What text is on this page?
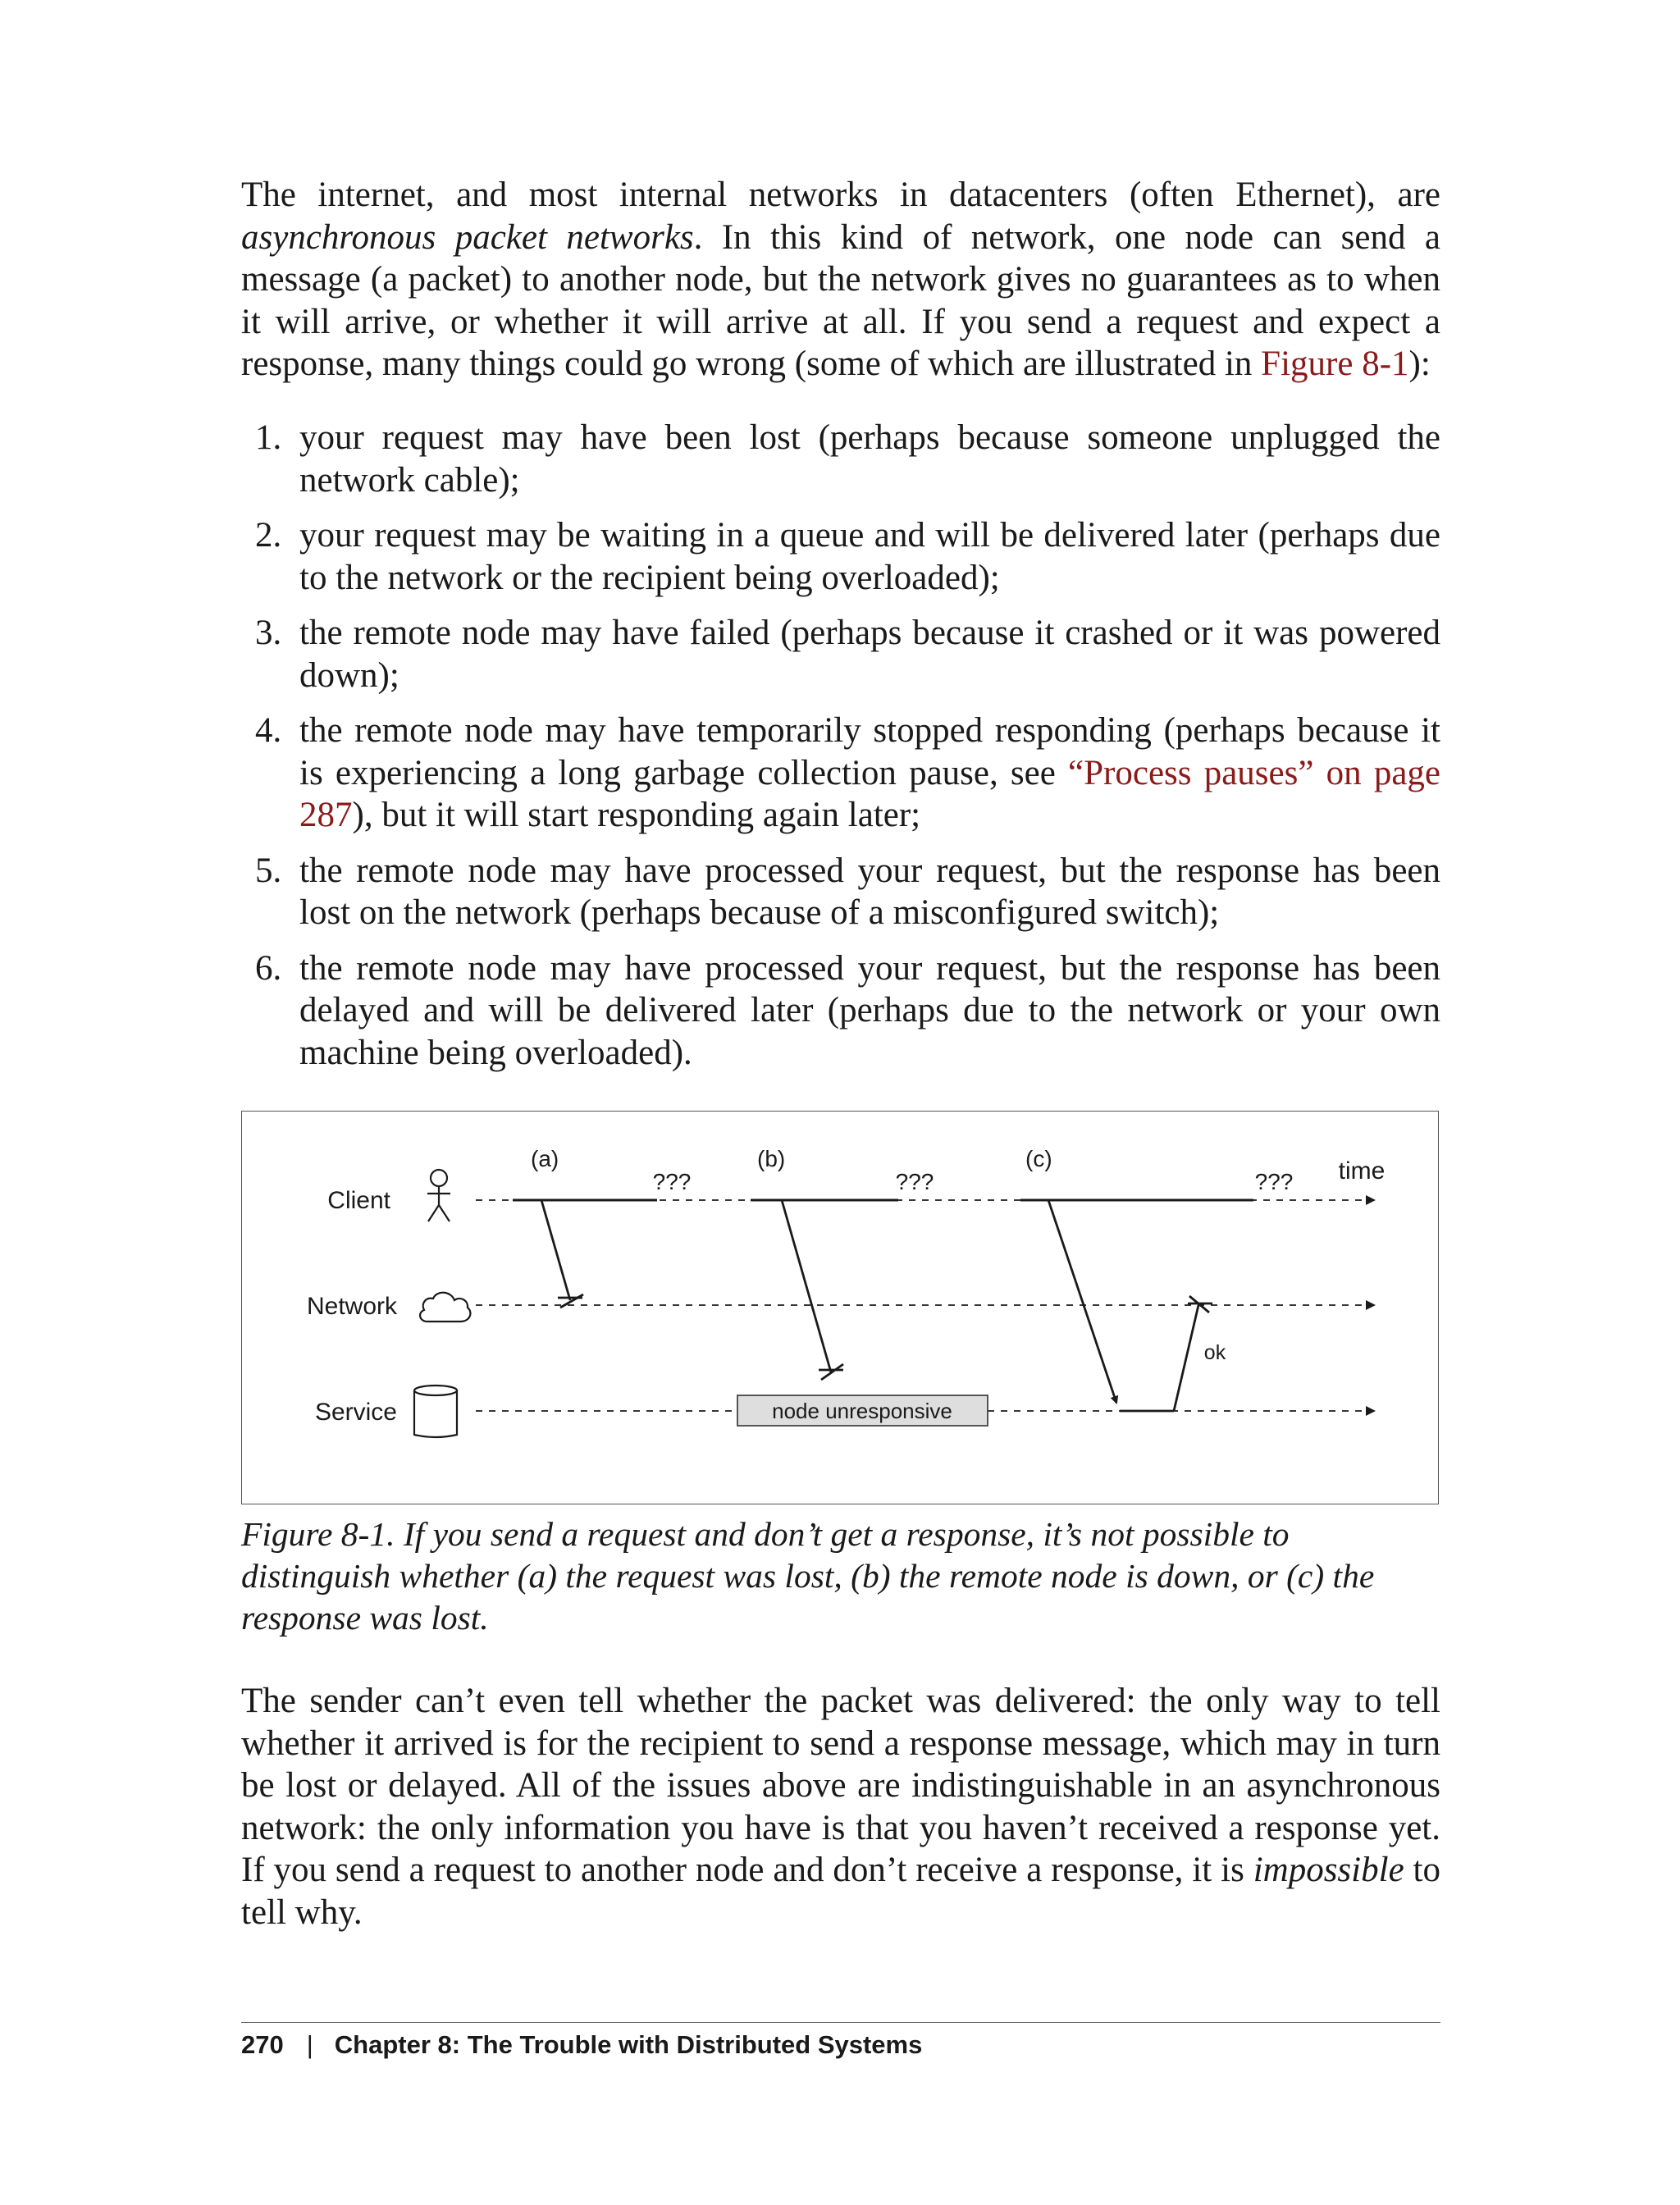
The internet, and most internal networks in datacenters (often Ethernet), are asynchronous packet networks. In this kind of network, one node can send a message (a packet) to another node, but the network gives no guarantees as to when it will arrive, or whether it will arrive at all. If you send a request and expect a response, many things could go wrong (some of which are illustrated in Figure 8-1):

1. your request may have been lost (perhaps because someone unplugged the network cable);
2. your request may be waiting in a queue and will be delivered later (perhaps due to the network or the recipient being overloaded);
3. the remote node may have failed (perhaps because it crashed or it was powered down);
4. the remote node may have temporarily stopped responding (perhaps because it is experiencing a long garbage collection pause, see “Process pauses” on page 287), but it will start responding again later;
5. the remote node may have processed your request, but the response has been lost on the network (perhaps because of a misconfigured switch);
6. the remote node may have processed your request, but the response has been delayed and will be delivered later (perhaps due to the network or your own machine being overloaded).
Client
Network
Service	node unresponsive
(a)	(b)	(c)
???	???	??? time
ok

Figure 8-1. If you send a request and don’t get a response, it’s not possible to distinguish whether (a) the request was lost, (b) the remote node is down, or (c) the response was lost.

The sender can’t even tell whether the packet was delivered: the only way to tell whether it arrived is for the recipient to send a response message, which may in turn be lost or delayed. All of the issues above are indistinguishable in an asynchronous network: the only information you have is that you haven’t received a response yet. If you send a request to another node and don’t receive a response, it is impossible to tell why.

270 | Chapter 8: The Trouble with Distributed Systems
